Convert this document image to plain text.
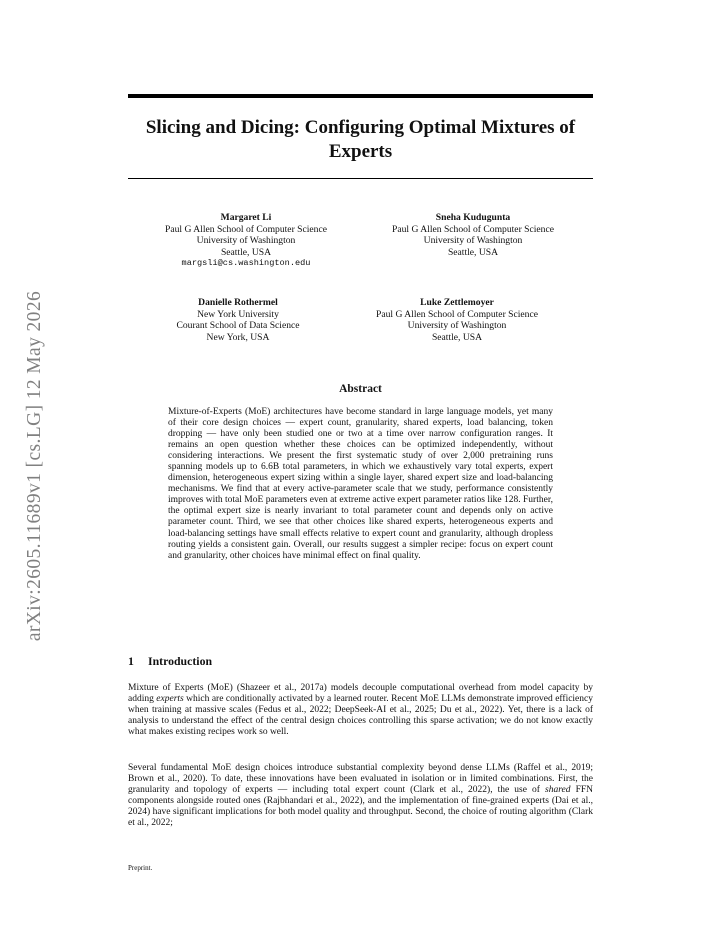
arXiv:2605.11689v1 [cs.LG] 12 May 2026
Slicing and Dicing: Configuring Optimal Mixtures of Experts
Margaret Li
Paul G Allen School of Computer Science
University of Washington
Seattle, USA
margsli@cs.washington.edu
Sneha Kudugunta
Paul G Allen School of Computer Science
University of Washington
Seattle, USA
Danielle Rothermel
New York University
Courant School of Data Science
New York, USA
Luke Zettlemoyer
Paul G Allen School of Computer Science
University of Washington
Seattle, USA
Abstract
Mixture-of-Experts (MoE) architectures have become standard in large language models, yet many of their core design choices — expert count, granularity, shared experts, load balancing, token dropping — have only been studied one or two at a time over narrow configuration ranges. It remains an open question whether these choices can be optimized independently, without considering interactions. We present the first systematic study of over 2,000 pretraining runs spanning models up to 6.6B total parameters, in which we exhaustively vary total experts, expert dimension, heterogeneous expert sizing within a single layer, shared expert size and load-balancing mechanisms. We find that at every active-parameter scale that we study, performance consistently improves with total MoE parameters even at extreme active expert parameter ratios like 128. Further, the optimal expert size is nearly invariant to total parameter count and depends only on active parameter count. Third, we see that other choices like shared experts, heterogeneous experts and load-balancing settings have small effects relative to expert count and granularity, although dropless routing yields a consistent gain. Overall, our results suggest a simpler recipe: focus on expert count and granularity, other choices have minimal effect on final quality.
1 Introduction
Mixture of Experts (MoE) (Shazeer et al., 2017a) models decouple computational overhead from model capacity by adding experts which are conditionally activated by a learned router. Recent MoE LLMs demonstrate improved efficiency when training at massive scales (Fedus et al., 2022; DeepSeek-AI et al., 2025; Du et al., 2022). Yet, there is a lack of analysis to understand the effect of the central design choices controlling this sparse activation; we do not know exactly what makes existing recipes work so well.
Several fundamental MoE design choices introduce substantial complexity beyond dense LLMs (Raffel et al., 2019; Brown et al., 2020). To date, these innovations have been evaluated in isolation or in limited combinations. First, the granularity and topology of experts — including total expert count (Clark et al., 2022), the use of shared FFN components alongside routed ones (Rajbhandari et al., 2022), and the implementation of fine-grained experts (Dai et al., 2024) have significant implications for both model quality and throughput. Second, the choice of routing algorithm (Clark et al., 2022;
Preprint.
